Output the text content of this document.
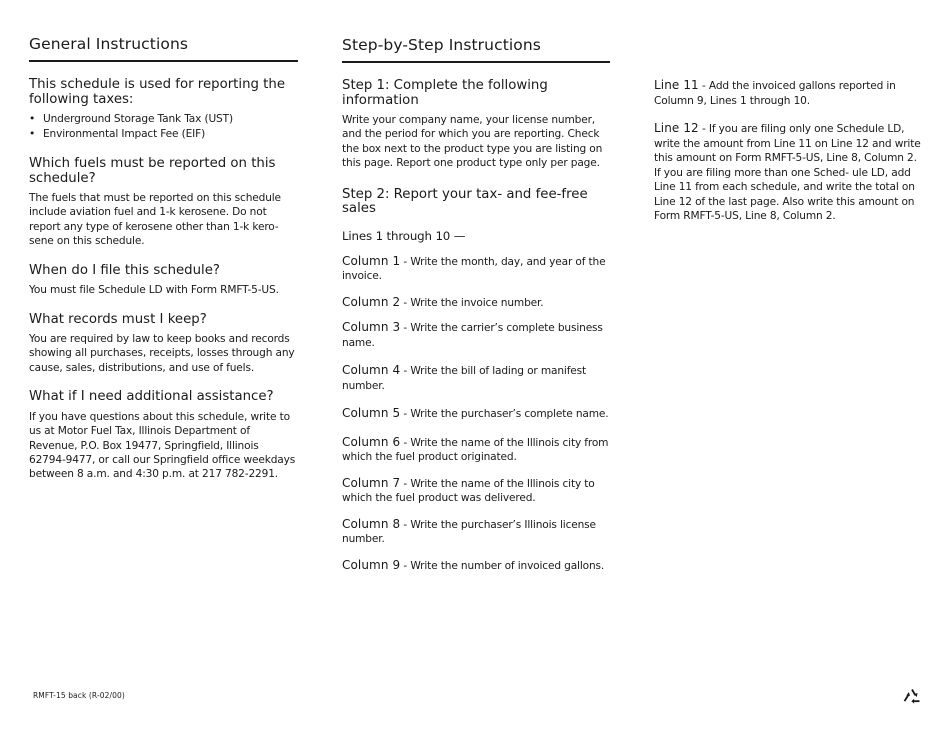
General Instructions
This schedule is used for reporting the following taxes:
• Underground Storage Tank Tax (UST)
• Environmental Impact Fee (EIF)
Which fuels must be reported on this schedule?

The fuels that must be reported on this schedule include aviation fuel and 1-k kerosene. Do not report any type of kerosene other than 1-k kero- sene on this schedule.

When do I file this schedule?

You must file Schedule LD with Form RMFT-5-US.

What records must I keep?

You are required by law to keep books and records showing all purchases, receipts, losses through any cause, sales, distributions, and use of fuels.

What if I need additional assistance?

If you have questions about this schedule, write to us at Motor Fuel Tax, Illinois Department of Revenue, P.O. Box 19477, Springfield, Illinois 62794-9477, or call our Springfield office weekdays between 8 a.m. and 4:30 p.m. at 217 782-2291.

Step-by-Step Instructions
Step 1: Complete the following information

Write your company name, your license number, and the period for which you are reporting. Check the box next to the product type you are listing on this page. Report one product type only per page.

Step 2: Report your tax- and fee-free sales

Lines 1 through 10 —

Column 1 - Write the month, day, and year of the invoice.

Column 2 - Write the invoice number.

Column 3 - Write the carrier’s complete business name.

Column 4 - Write the bill of lading or manifest number.

Column 5 - Write the purchaser’s complete name.

Column 6 - Write the name of the Illinois city from which the fuel product originated.

Column 7 - Write the name of the Illinois city to which the fuel product was delivered.

Column 8 - Write the purchaser’s Illinois license number.

Column 9 - Write the number of invoiced gallons.

Line 11 - Add the invoiced gallons reported in Column 9, Lines 1 through 10.

Line 12 - If you are filing only one Schedule LD, write the amount from Line 11 on Line 12 and write this amount on Form RMFT-5-US, Line 8, Column 2. If you are filing more than one Sched- ule LD, add Line 11 from each schedule, and write the total on Line 12 of the last page. Also write this amount on Form RMFT-5-US, Line 8, Column 2.

RMFT-15 back (R-02/00)
